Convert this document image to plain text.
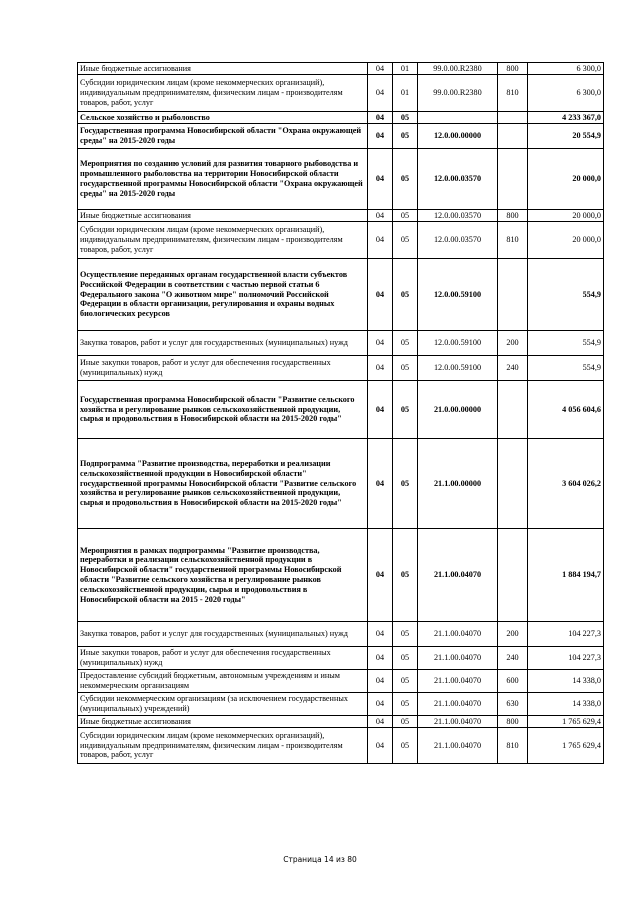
Иные бюджетные ассигнования	04	01	99.0.00.R2380	800	6 300,0
Субсидии юридическим лицам (кроме некоммерческих организаций), индивидуальным предпринимателям, физическим лицам - производителям товаров, работ, услуг	04	01	99.0.00.R2380	810	6 300,0
Сельское хозяйство и рыболовство	04	05			4 233 367,0
Государственная программа Новосибирской области "Охрана окружающей среды" на 2015-2020 годы	04	05	12.0.00.00000		20 554,9
Мероприятия по созданию условий для развития товарного рыбоводства и промышленного рыболовства на территории Новосибирской области государственной программы Новосибирской области "Охрана окружающей среды" на 2015-2020 годы	04	05	12.0.00.03570		20 000,0
Иные бюджетные ассигнования	04	05	12.0.00.03570	800	20 000,0
Субсидии юридическим лицам (кроме некоммерческих организаций), индивидуальным предпринимателям, физическим лицам - производителям товаров, работ, услуг	04	05	12.0.00.03570	810	20 000,0
Осуществление переданных органам государственной власти субъектов Российской Федерации в соответствии с частью первой статьи 6 Федерального закона "О животном мире" полномочий Российской Федерации в области организации, регулирования и охраны водных биологических ресурсов	04	05	12.0.00.59100		554,9
Закупка товаров, работ и услуг для государственных (муниципальных) нужд	04	05	12.0.00.59100	200	554,9
Иные закупки товаров, работ и услуг для обеспечения государственных (муниципальных) нужд	04	05	12.0.00.59100	240	554,9
Государственная программа Новосибирской области "Развитие сельского хозяйства и регулирование рынков сельскохозяйственной продукции, сырья и продовольствия в Новосибирской области на 2015-2020 годы"	04	05	21.0.00.00000		4 056 604,6
Подпрограмма "Развитие производства, переработки и реализации сельскохозяйственной продукции в Новосибирской области" государственной программы Новосибирской области "Развитие сельского хозяйства и регулирование рынков сельскохозяйственной продукции, сырья и продовольствия в Новосибирской области на 2015-2020 годы"	04	05	21.1.00.00000		3 604 026,2
Мероприятия в рамках подпрограммы "Развитие производства, переработки и реализации сельскохозяйственной продукции в Новосибирской области" государственной программы Новосибирской области "Развитие сельского хозяйства и регулирование рынков сельскохозяйственной продукции, сырья и продовольствия в Новосибирской области на 2015 - 2020 годы"	04	05	21.1.00.04070		1 884 194,7
Закупка товаров, работ и услуг для государственных (муниципальных) нужд	04	05	21.1.00.04070	200	104 227,3
Иные закупки товаров, работ и услуг для обеспечения государственных (муниципальных) нужд	04	05	21.1.00.04070	240	104 227,3
Предоставление субсидий бюджетным, автономным учреждениям и иным некоммерческим организациям	04	05	21.1.00.04070	600	14 338,0
Субсидии некоммерческим организациям (за исключением государственных (муниципальных) учреждений)	04	05	21.1.00.04070	630	14 338,0
Иные бюджетные ассигнования	04	05	21.1.00.04070	800	1 765 629,4
Субсидии юридическим лицам (кроме некоммерческих организаций), индивидуальным предпринимателям, физическим лицам - производителям товаров, работ, услуг	04	05	21.1.00.04070	810	1 765 629,4
Страница 14 из 80
